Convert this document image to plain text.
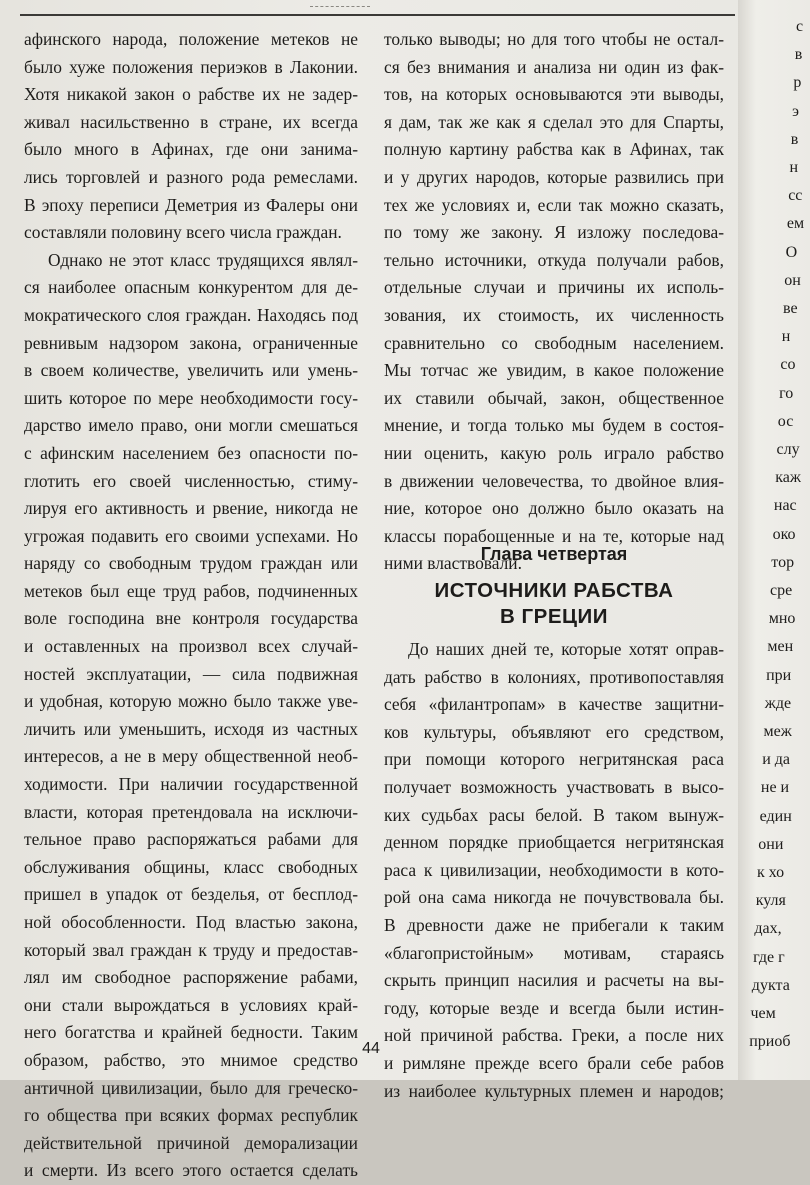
афинского народа, положение метеков не
было хуже положения периэков в Лаконии.
Хотя никакой закон о рабстве их не задер-
живал насильственно в стране, их всегда
было много в Афинах, где они занима-
лись торговлей и разного рода ремеслами.
В эпоху переписи Деметрия из Фалеры они
составляли половину всего числа граждан.
Однако не этот класс трудящихся являл-
ся наиболее опасным конкурентом для де-
мократического слоя граждан. Находясь под
ревнивым надзором закона, ограниченные
в своем количестве, увеличить или умень-
шить которое по мере необходимости госу-
дарство имело право, они могли смешаться
с афинским населением без опасности по-
глотить его своей численностью, стиму-
лируя его активность и рвение, никогда не
угрожая подавить его своими успехами. Но
наряду со свободным трудом граждан или
метеков был еще труд рабов, подчиненных
воле господина вне контроля государства
и оставленных на произвол всех случай-
ностей эксплуатации, — сила подвижная
и удобная, которую можно было также уве-
личить или уменьшить, исходя из частных
интересов, а не в меру общественной необ-
ходимости. При наличии государственной
власти, которая претендовала на исключи-
тельное право распоряжаться рабами для
обслуживания общины, класс свободных
пришел в упадок от безделья, от бесплод-
ной обособленности. Под властью закона,
который звал граждан к труду и предостав-
лял им свободное распоряжение рабами,
они стали вырождаться в условиях край-
него богатства и крайней бедности. Таким
образом, рабство, это мнимое средство
античной цивилизации, было для греческо-
го общества при всяких формах республик
действительной причиной деморализации
и смерти. Из всего этого остается сделать
только выводы; но для того чтобы не остал-
ся без внимания и анализа ни один из фак-
тов, на которых основываются эти выводы,
я дам, так же как я сделал это для Спарты,
полную картину рабства как в Афинах, так
и у других народов, которые развились при
тех же условиях и, если так можно сказать,
по тому же закону. Я изложу последова-
тельно источники, откуда получали рабов,
отдельные случаи и причины их исполь-
зования, их стоимость, их численность
сравнительно со свободным населением.
Мы тотчас же увидим, в какое положение
их ставили обычай, закон, общественное
мнение, и тогда только мы будем в состоя-
нии оценить, какую роль играло рабство
в движении человечества, то двойное влия-
ние, которое оно должно было оказать на
классы порабощенные и на те, которые над
ними властвовали.
Глава четвертая
ИСТОЧНИКИ РАБСТВА
В ГРЕЦИИ
До наших дней те, которые хотят оправ-
дать рабство в колониях, противопоставляя
себя «филантропам» в качестве защитни-
ков культуры, объявляют его средством,
при помощи которого негритянская раса
получает возможность участвовать в высо-
ких судьбах расы белой. В таком вынуж-
денном порядке приобщается негритянская
раса к цивилизации, необходимости в кото-
рой она сама никогда не почувствовала бы.
В древности даже не прибегали к таким
«благопристойным» мотивам, стараясь
скрыть принцип насилия и расчеты на вы-
году, которые везде и всегда были истин-
ной причиной рабства. Греки, а после них
и римляне прежде всего брали себе рабов
из наиболее культурных племен и народов;
44
с
в
р
э
в
н
сс
ем
О
он
ве
н
со
го
ос
слу
каж
нас
око
тор
сре
мно
мен
при
жде
меж
и да
не и
един
они
к хо
куля
дах,
где г
дукта
чем
приоб
